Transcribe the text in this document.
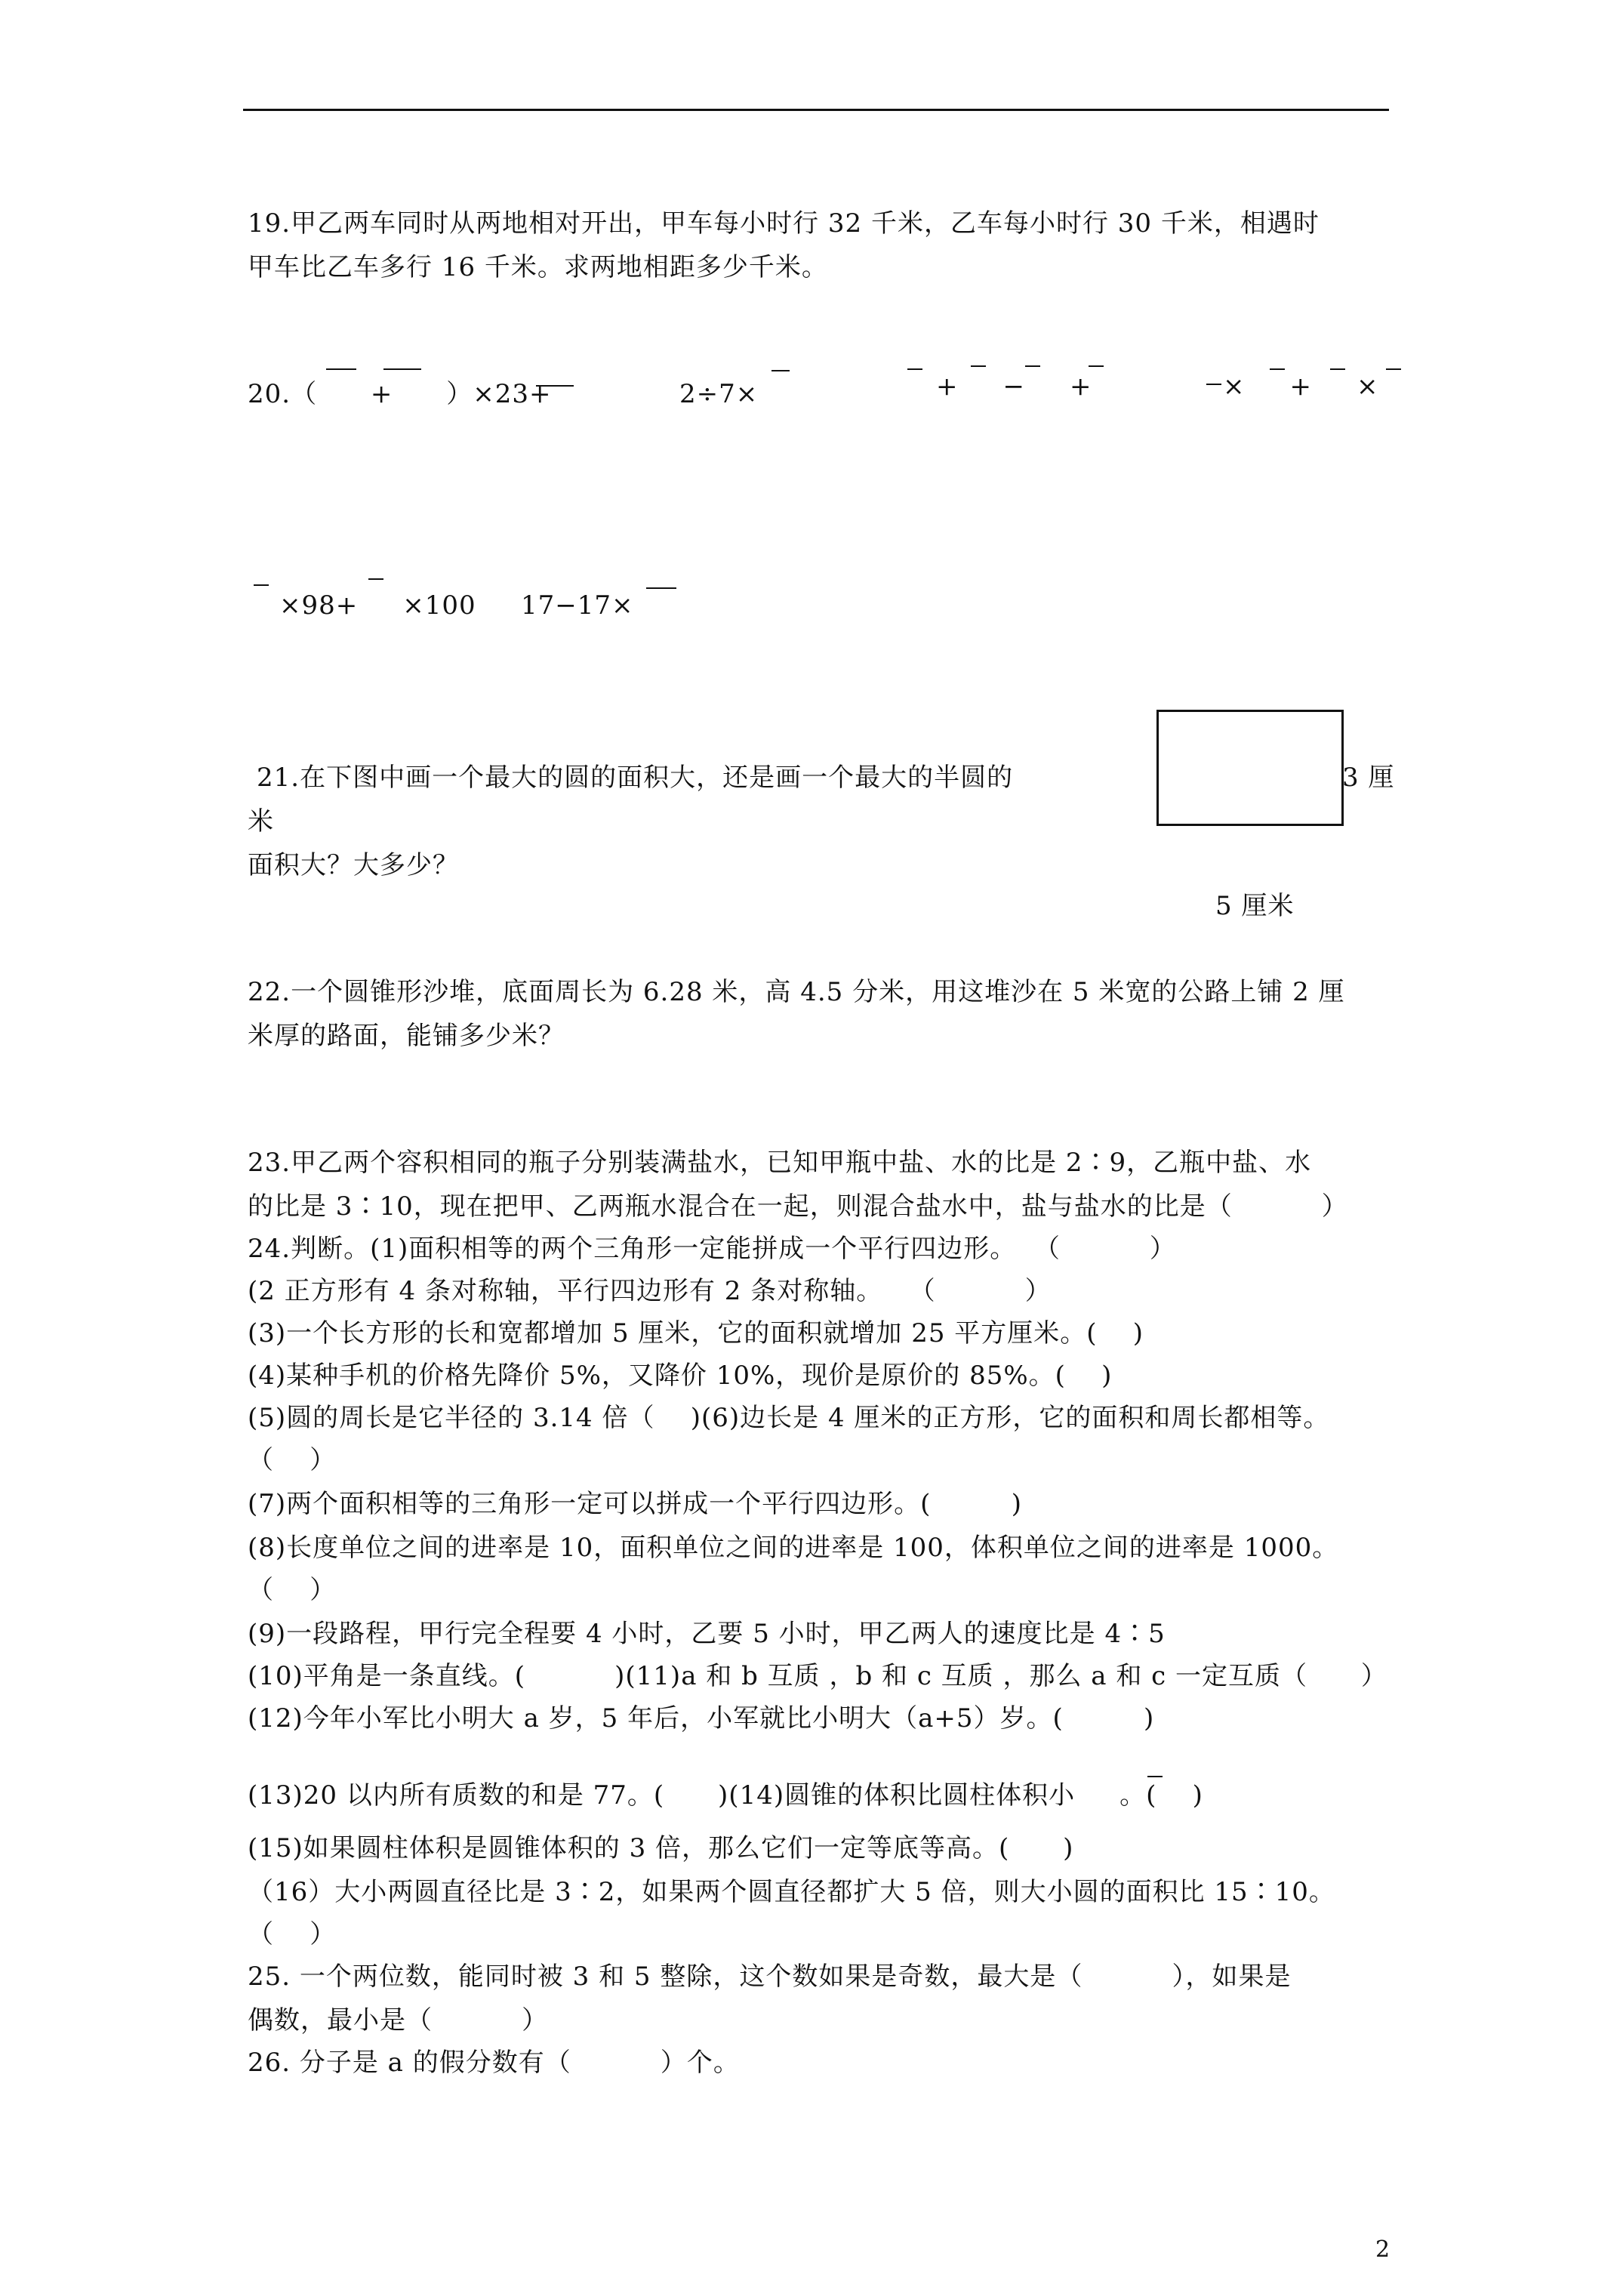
19.甲乙两车同时从两地相对开出，甲车每小时行 32 千米，乙车每小时行 30 千米，相遇时
甲车比乙车多行 16 千米。求两地相距多少千米。
20.（      +      ）×23+	2÷7×	+     −     +	×     +     ×
×98+     ×100 17−17×
21.在下图中画一个最大的圆的面积大，还是画一个最大的半圆的
米
面积大？大多少？
3 厘
5 厘米
22.一个圆锥形沙堆，底面周长为 6.28 米，高 4.5 分米，用这堆沙在 5 米宽的公路上铺 2 厘
米厚的路面，能铺多少米？
23.甲乙两个容积相同的瓶子分别装满盐水，已知甲瓶中盐、水的比是 2∶9，乙瓶中盐、水
的比是 3∶10，现在把甲、乙两瓶水混合在一起，则混合盐水中，盐与盐水的比是（          ）
24.判断。(1)面积相等的两个三角形一定能拼成一个平行四边形。  （          ）
(2 正方形有 4 条对称轴，平行四边形有 2 条对称轴。   （          ）
(3)一个长方形的长和宽都增加 5 厘米，它的面积就增加 25 平方厘米。(    )
(4)某种手机的价格先降价 5%，又降价 10%，现价是原价的 85%。(    )
(5)圆的周长是它半径的 3.14 倍（    )(6)边长是 4 厘米的正方形，它的面积和周长都相等。
（    ）
(7)两个面积相等的三角形一定可以拼成一个平行四边形。(         )
(8)长度单位之间的进率是 10，面积单位之间的进率是 100，体积单位之间的进率是 1000。
（    ）
(9)一段路程，甲行完全程要 4 小时，乙要 5 小时，甲乙两人的速度比是 4∶5
(10)平角是一条直线。(          )(11)a 和 b 互质 ，b 和 c 互质 ，那么 a 和 c 一定互质（      ）
(12)今年小军比小明大 a 岁，5 年后，小军就比小明大（a+5）岁。(         )
(13)20 以内所有质数的和是 77。(      )(14)圆锥的体积比圆柱体积小     。(    )
(15)如果圆柱体积是圆锥体积的 3 倍，那么它们一定等底等高。(      )
（16）大小两圆直径比是 3∶2，如果两个圆直径都扩大 5 倍，则大小圆的面积比 15∶10。
（    ）
25. 一个两位数，能同时被 3 和 5 整除，这个数如果是奇数，最大是（          ），如果是
偶数，最小是（          ）
26. 分子是 a 的假分数有（          ）个。
2
